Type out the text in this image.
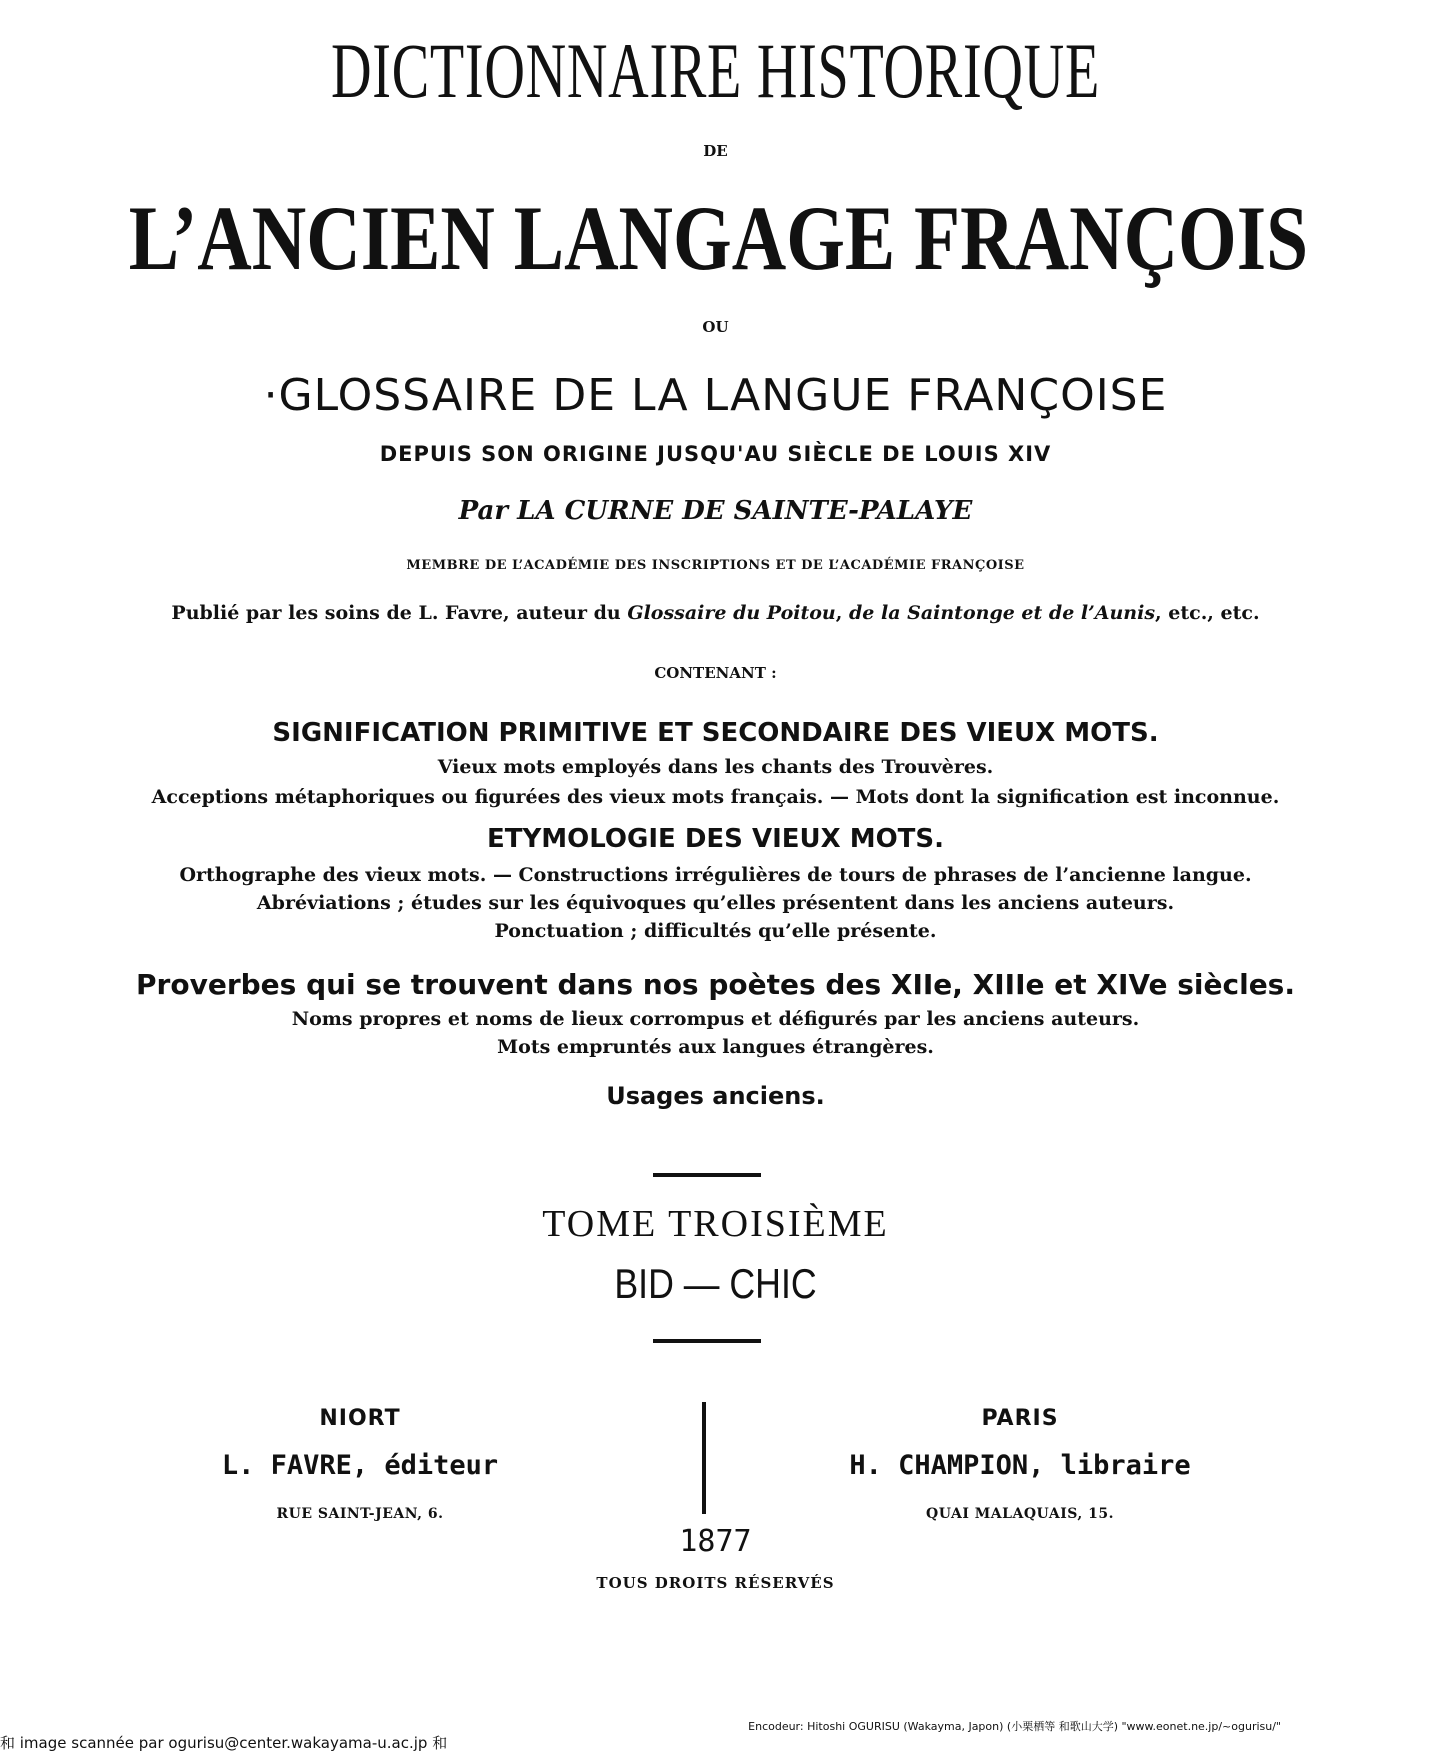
DICTIONNAIRE HISTORIQUE
DE
L’ANCIEN LANGAGE FRANÇOIS
OU
·GLOSSAIRE DE LA LANGUE FRANÇOISE
DEPUIS SON ORIGINE JUSQU'AU SIÈCLE DE LOUIS XIV
Par LA CURNE DE SAINTE-PALAYE
MEMBRE DE L’ACADÉMIE DES INSCRIPTIONS ET DE L’ACADÉMIE FRANÇOISE
Publié par les soins de L. Favre, auteur du Glossaire du Poitou, de la Saintonge et de l’Aunis, etc., etc.
CONTENANT :
SIGNIFICATION PRIMITIVE ET SECONDAIRE DES VIEUX MOTS.
Vieux mots employés dans les chants des Trouvères.
Acceptions métaphoriques ou figurées des vieux mots français. — Mots dont la signification est inconnue.
ETYMOLOGIE DES VIEUX MOTS.
Orthographe des vieux mots. — Constructions irrégulières de tours de phrases de l’ancienne langue.
Abréviations ; études sur les équivoques qu’elles présentent dans les anciens auteurs.
Ponctuation ; difficultés qu’elle présente.
Proverbes qui se trouvent dans nos poètes des XIIe, XIIIe et XIVe siècles.
Noms propres et noms de lieux corrompus et défigurés par les anciens auteurs.
Mots empruntés aux langues étrangères.
Usages anciens.
TOME TROISIÈME
BID — CHIC
NIORT
L. FAVRE, éditeur
RUE SAINT-JEAN, 6.
PARIS
H. CHAMPION, libraire
QUAI MALAQUAIS, 15.
1877
TOUS DROITS RÉSERVÉS
Encodeur: Hitoshi OGURISU (Wakayma, Japon) (小栗栖等 和歌山大学) "www.eonet.ne.jp/~ogurisu/"
和 image scannée par ogurisu@center.wakayama-u.ac.jp 和
